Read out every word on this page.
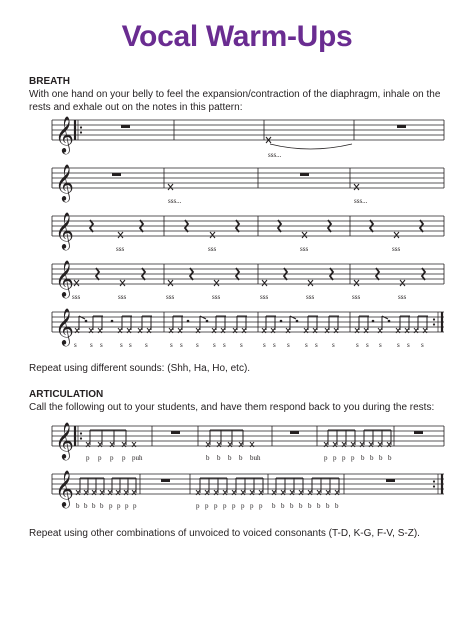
Vocal Warm-Ups
BREATH
With one hand on your belly to feel the expansion/contraction of the diaphragm, inhale on the rests and exhale out on the notes in this pattern:
𝄞
sss...
𝄞	sss...	sss...
𝄞	sss	sss	sss	sss
𝄞
sss	sss	sss	sss	sss	sss	sss	sss
𝄞 s s s s s s	s s s s s s	s s s s s s	s s s s s s
Repeat using different sounds: (Shh, Ha, Ho, etc).
ARTICULATION
Call the following out to your students, and have them respond back to you during the rests:
𝄞 p p p p puh	b b b b buh	p p p p b b b b
𝄞 b b b b p p p p	p p p p p p p p b b b b b b b b
Repeat using other combinations of unvoiced to voiced consonants (T-D, K-G, F-V, S-Z).
